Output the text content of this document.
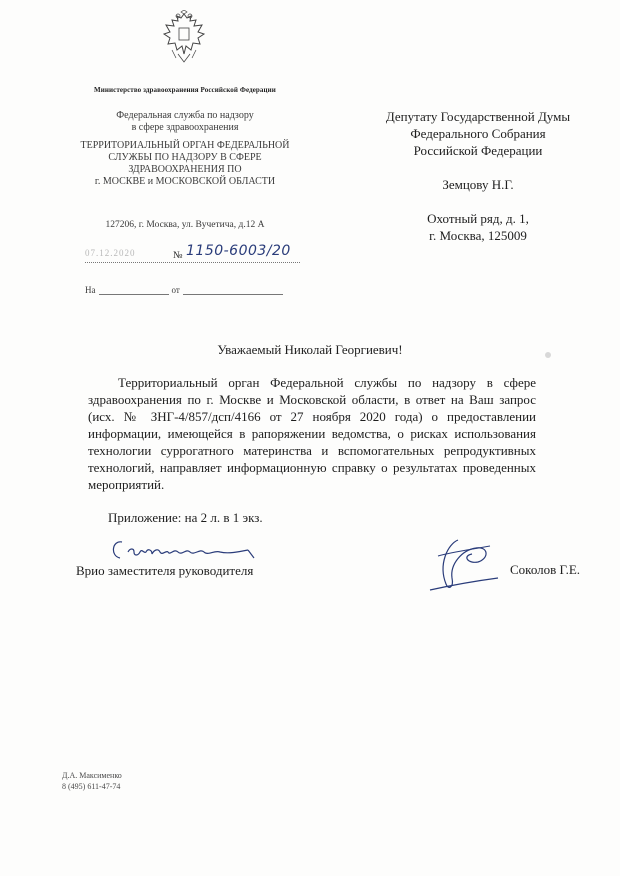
Министерство здравоохранения Российской Федерации
Федеральная служба по надзору
в сфере здравоохранения
ТЕРРИТОРИАЛЬНЫЙ ОРГАН ФЕДЕРАЛЬНОЙ
СЛУЖБЫ ПО НАДЗОРУ В СФЕРЕ
ЗДРАВООХРАНЕНИЯ ПО
г. МОСКВЕ и МОСКОВСКОЙ ОБЛАСТИ
127206, г. Москва, ул. Вучетича, д.12 А
07.12.2020	№ 1150-6003/20
На	от
Депутату Государственной Думы
Федерального Собрания
Российской Федерации
Земцову Н.Г.
Охотный ряд, д. 1,
г. Москва, 125009
Уважаемый Николай Георгиевич!
Территориальный орган Федеральной службы по надзору в сфере здравоохранения по г. Москве и Московской области, в ответ на Ваш запрос (исх. № ЗНГ-4/857/дсп/4166 от 27 ноября 2020 года) о предоставлении информации, имеющейся в рапоряжении ведомства, о рисках использования технологии суррогатного материнства и вспомогательных репродуктивных технологий, направляет информационную справку о результатах проведенных мероприятий.
Приложение: на 2 л. в 1 экз.
Врио заместителя руководителя	Соколов Г.Е.
Д.А. Максименко
8 (495) 611-47-74
